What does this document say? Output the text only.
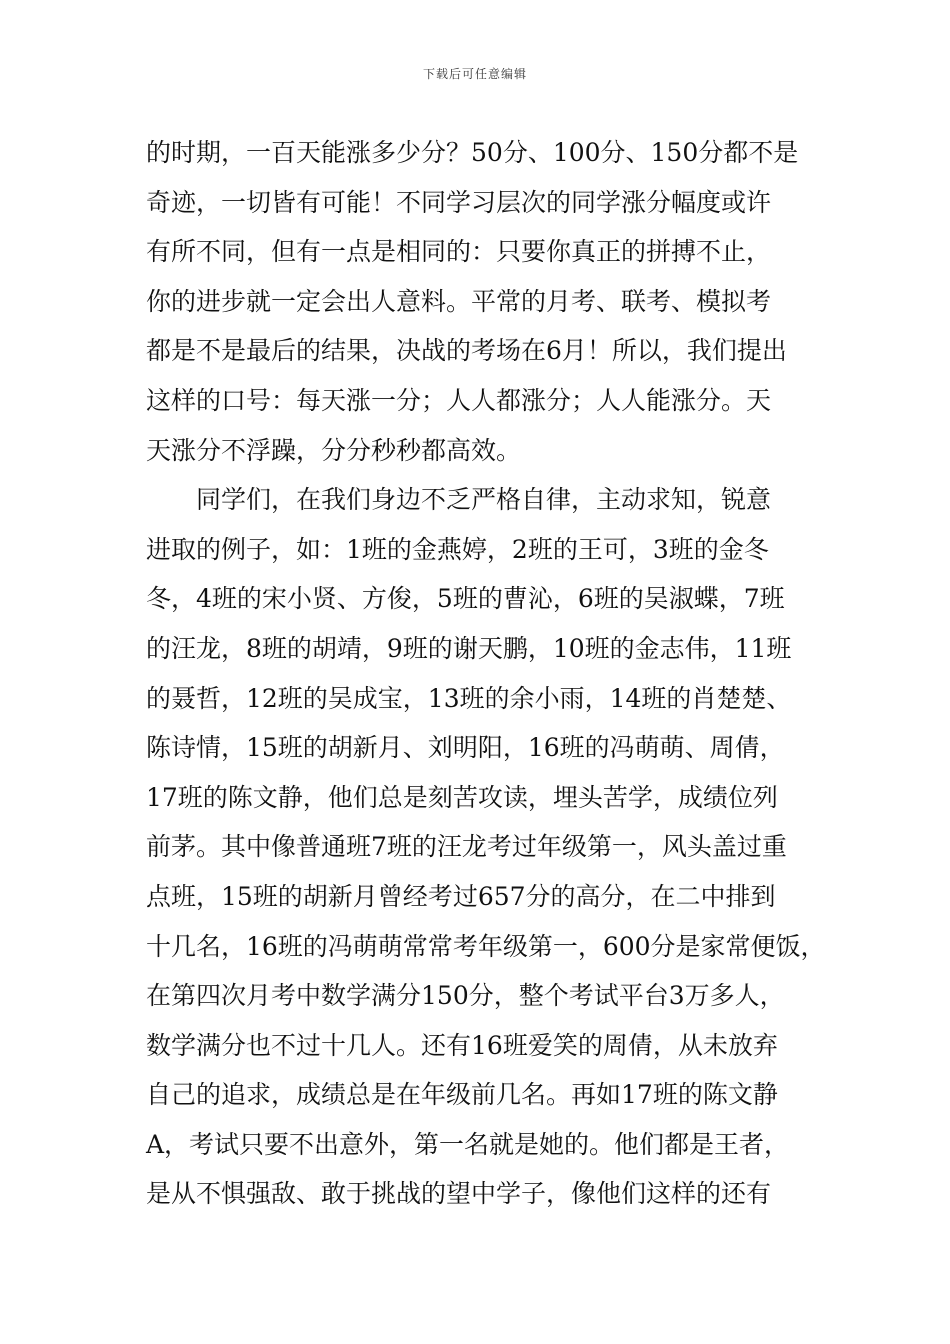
下载后可任意编辑
的时期，一百天能涨多少分？50分、100分、150分都不是
奇迹，一切皆有可能！不同学习层次的同学涨分幅度或许
有所不同，但有一点是相同的：只要你真正的拼搏不止，
你的进步就一定会出人意料。平常的月考、联考、模拟考
都是不是最后的结果，决战的考场在6月！所以，我们提出
这样的口号：每天涨一分；人人都涨分；人人能涨分。天
天涨分不浮躁，分分秒秒都高效。
　　同学们，在我们身边不乏严格自律，主动求知，锐意
进取的例子，如：1班的金燕婷，2班的王可，3班的金冬
冬，4班的宋小贤、方俊，5班的曹沁，6班的吴淑蝶，7班
的汪龙，8班的胡靖，9班的谢天鹏，10班的金志伟，11班
的聂哲，12班的吴成宝，13班的余小雨，14班的肖楚楚、
陈诗情，15班的胡新月、刘明阳，16班的冯萌萌、周倩，
17班的陈文静，他们总是刻苦攻读，埋头苦学，成绩位列
前茅。其中像普通班7班的汪龙考过年级第一，风头盖过重
点班，15班的胡新月曾经考过657分的高分，在二中排到
十几名，16班的冯萌萌常常考年级第一，600分是家常便饭，
在第四次月考中数学满分150分，整个考试平台3万多人，
数学满分也不过十几人。还有16班爱笑的周倩，从未放弃
自己的追求，成绩总是在年级前几名。再如17班的陈文静
A，考试只要不出意外，第一名就是她的。他们都是王者，
是从不惧强敌、敢于挑战的望中学子，像他们这样的还有
